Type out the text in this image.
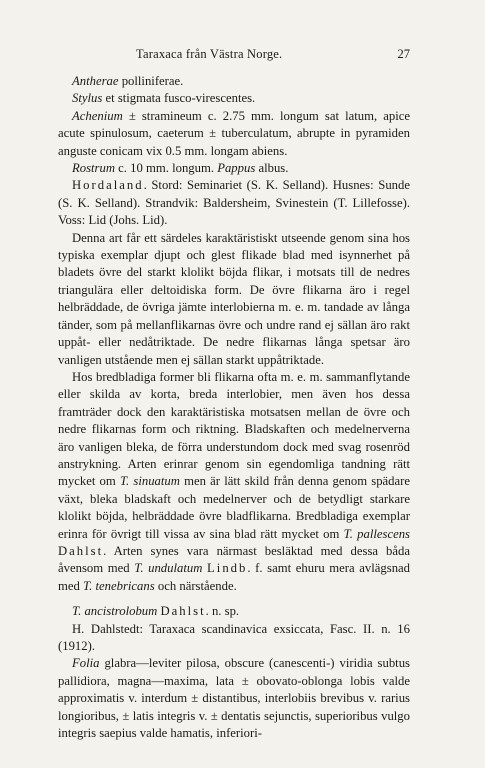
Taraxaca från Västra Norge.	27

Antherae polliniferae.

Stylus et stigmata fusco-virescentes.

Achenium ± stramineum c. 2.75 mm. longum sat latum, apice acute spinulosum, caeterum ± tuberculatum, abrupte in pyramiden anguste conicam vix 0.5 mm. longam abiens.

Rostrum c. 10 mm. longum. Pappus albus.

Hordaland. Stord: Seminariet (S. K. Selland). Husnes: Sunde (S. K. Selland). Strandvik: Baldersheim, Svinestein (T. Lillefosse). Voss: Lid (Johs. Lid).

Denna art får ett särdeles karaktäristiskt utseende genom sina hos typiska exemplar djupt och glest flikade blad med isynnerhet på bladets övre del starkt klolikt böjda flikar, i motsats till de nedres triangulära eller deltoidiska form. De övre flikarna äro i regel helbräddade, de övriga jämte interlobierna m. e. m. tandade av långa tänder, som på mellanflikarnas övre och undre rand ej sällan äro rakt uppåt- eller nedåtriktade. De nedre flikarnas långa spetsar äro vanligen utstående men ej sällan starkt uppåtriktade.

Hos bredbladiga former bli flikarna ofta m. e. m. sammanflytande eller skilda av korta, breda interlobier, men även hos dessa framträder dock den karaktäristiska motsatsen mellan de övre och nedre flikarnas form och riktning. Bladskaften och medelnerverna äro vanligen bleka, de förra understundom dock med svag rosenröd anstrykning. Arten erinrar genom sin egendomliga tandning rätt mycket om T. sinuatum men är lätt skild från denna genom spädare växt, bleka bladskaft och medelnerver och de betydligt starkare klolikt böjda, helbräddade övre bladflikarna. Bredbladiga exemplar erinra för övrigt till vissa av sina blad rätt mycket om T. pallescens Dahlst. Arten synes vara närmast besläktad med dessa båda åvensom med T. undulatum Lindb. f. samt ehuru mera avlägsnad med T. tenebricans och närstående.

T. ancistrolobum Dahlst. n. sp.

H. Dahlstedt: Taraxaca scandinavica exsiccata, Fasc. II. n. 16 (1912).

Folia glabra—leviter pilosa, obscure (canescenti-) viridia subtus pallidiora, magna—maxima, lata ± obovato-oblonga lobis valde approximatis v. interdum ± distantibus, interlobiis brevibus v. rarius longioribus, ± latis integris v. ± dentatis sejunctis, superioribus vulgo integris saepius valde hamatis, inferiori-
